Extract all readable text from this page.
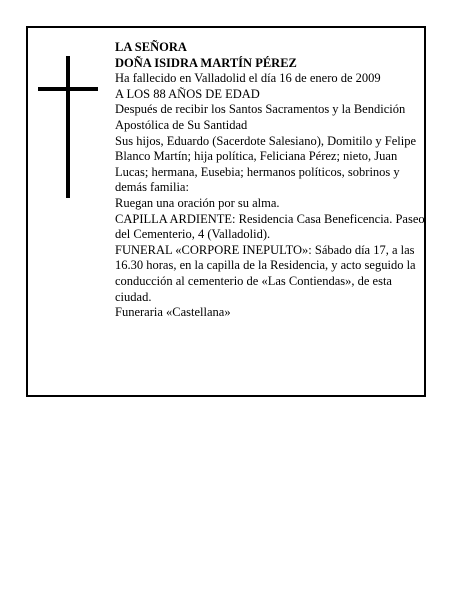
LA SEÑORA

DOÑA ISIDRA MARTÍN PÉREZ

Ha fallecido en Valladolid el día 16 de enero de 2009

A LOS 88 AÑOS DE EDAD

Después de recibir los Santos Sacramentos y la Bendición Apostólica de Su Santidad

Sus hijos, Eduardo (Sacerdote Salesiano), Domitilo y Felipe Blanco Martín; hija política, Feliciana Pérez; nieto, Juan Lucas; hermana, Eusebia; hermanos políticos, sobrinos y demás familia:

Ruegan una oración por su alma.

CAPILLA ARDIENTE: Residencia Casa Beneficencia. Paseo del Cementerio, 4 (Valladolid).

FUNERAL «CORPORE INEPULTO»: Sábado día 17, a las 16.30 horas, en la capilla de la Residencia, y acto seguido la conducción al cementerio de «Las Contiendas», de esta ciudad.

Funeraria «Castellana»
